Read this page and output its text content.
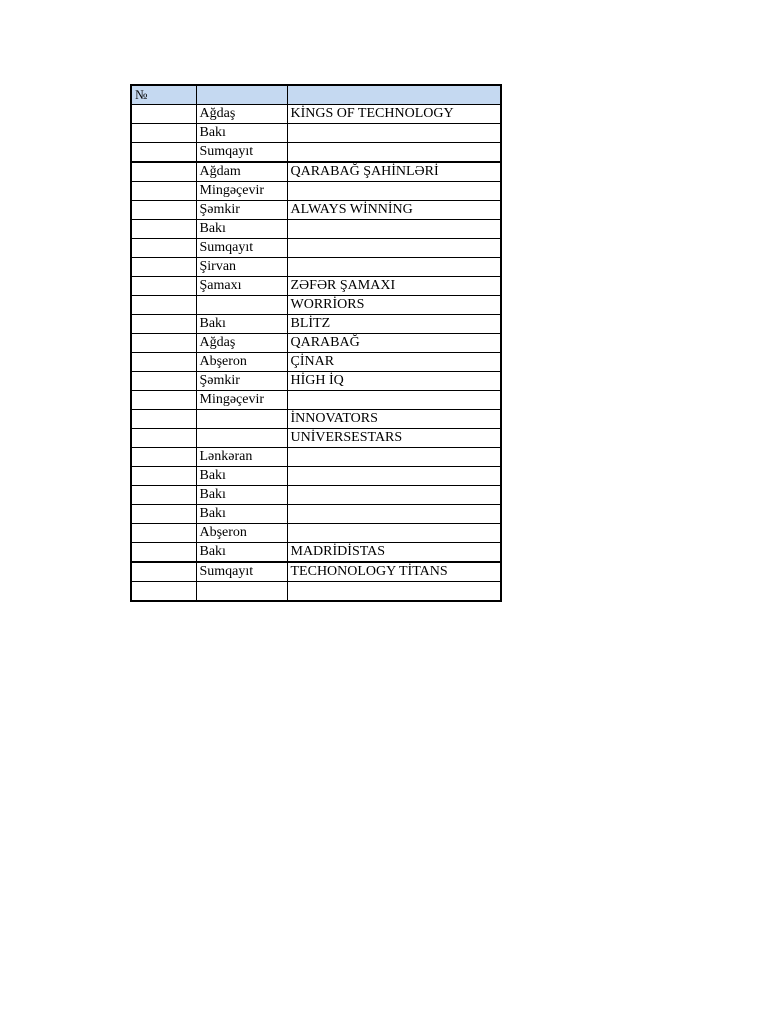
№		
	Ağdaş	KİNGS OF TECHNOLOGY
	Bakı	
	Sumqayıt	
	Ağdam	QARABAĞ ŞAHİNLƏRİ
	Mingəçevir	
	Şəmkir	ALWAYS WİNNİNG
	Bakı	
	Sumqayıt	
	Şirvan	
	Şamaxı	ZƏFƏR ŞAMAXI
		WORRİORS
	Bakı	BLİTZ
	Ağdaş	QARABAĞ
	Abşeron	ÇİNAR
	Şəmkir	HİGH İQ
	Mingəçevir	
		İNNOVATORS
		UNİVERSESTARS
	Lənkəran	
	Bakı	
	Bakı	
	Bakı	
	Abşeron	
	Bakı	MADRİDİSTAS
	Sumqayıt	TECHONOLOGY TİTANS
